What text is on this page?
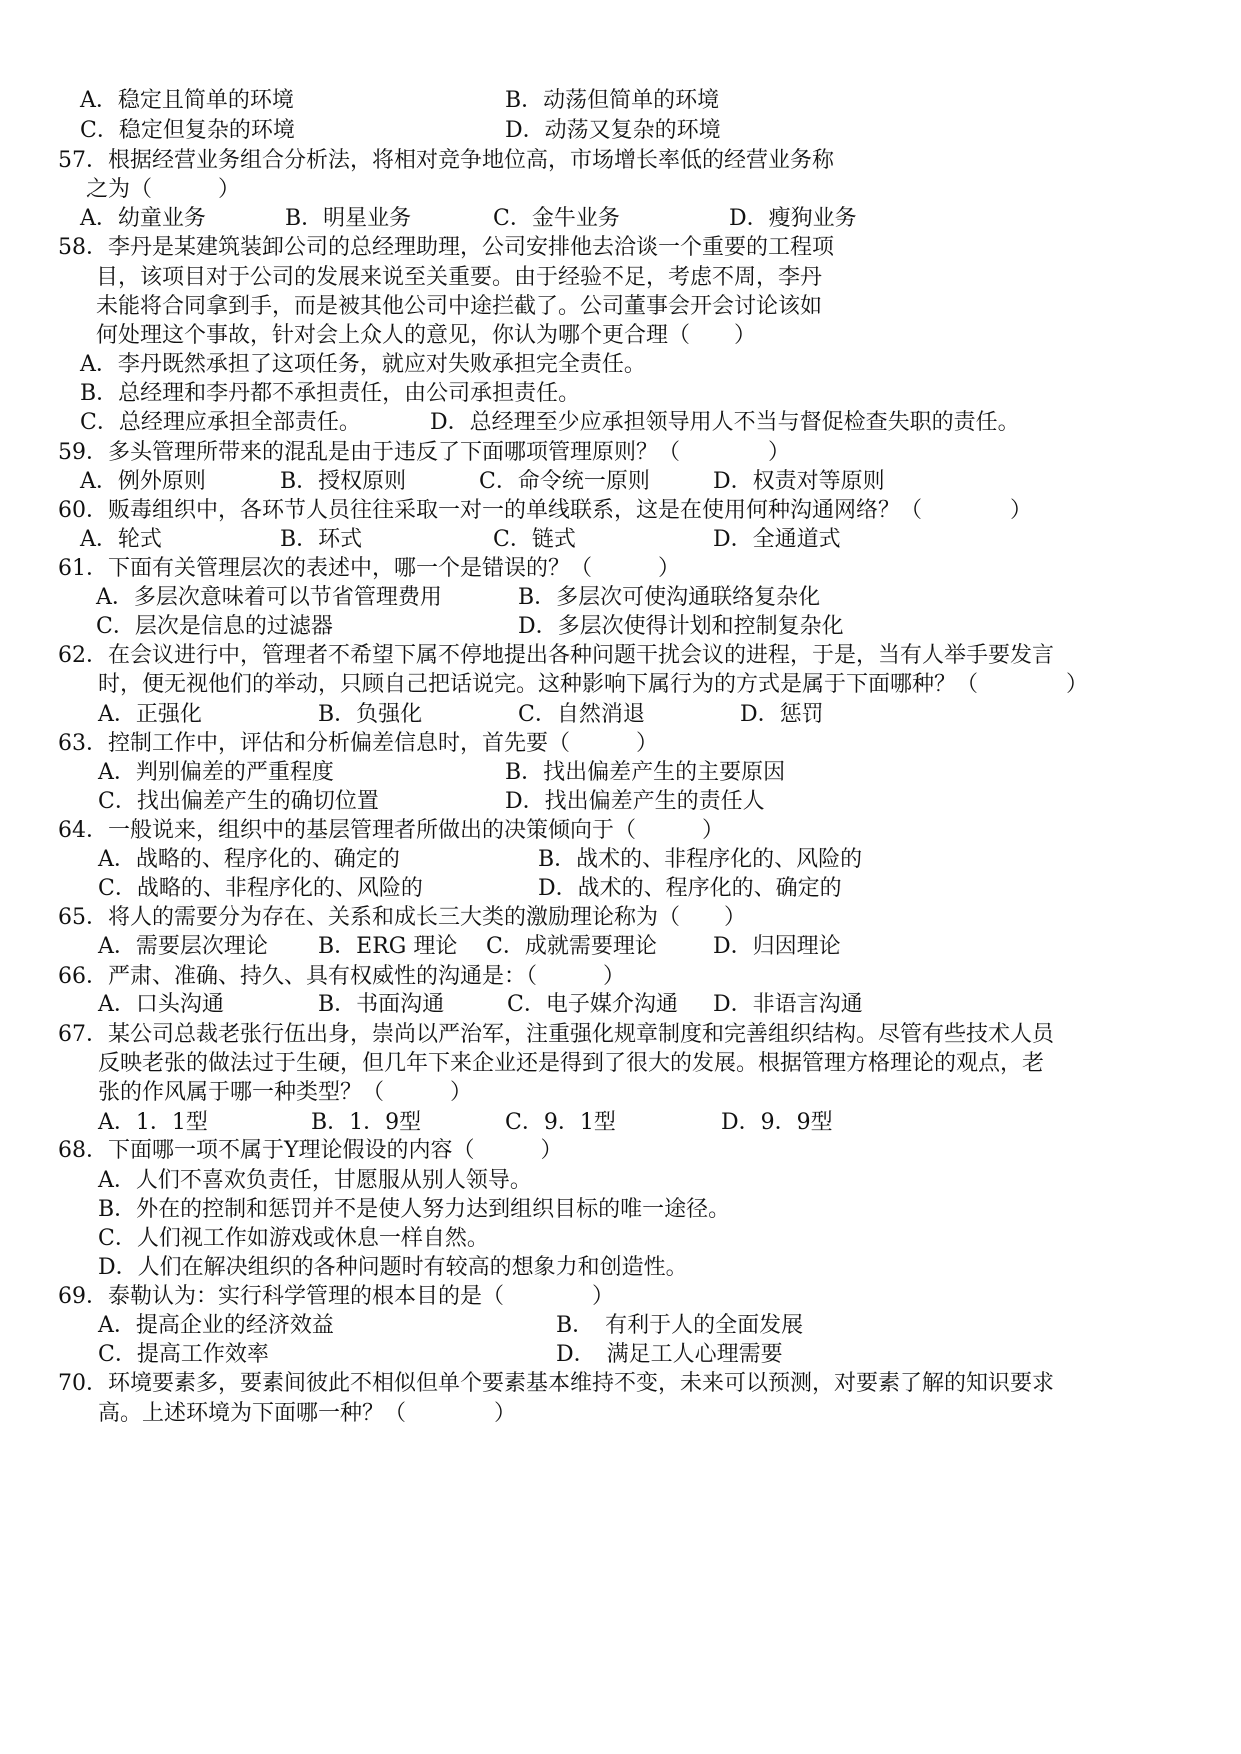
A．稳定且简单的环境	B．动荡但简单的环境
C．稳定但复杂的环境	D．动荡又复杂的环境
57．根据经营业务组合分析法，将相对竞争地位高，市场增长率低的经营业务称
之为（　　　）
A．幼童业务	B．明星业务	C．金牛业务	D．瘦狗业务
58．李丹是某建筑装卸公司的总经理助理，公司安排他去洽谈一个重要的工程项
目，该项目对于公司的发展来说至关重要。由于经验不足，考虑不周，李丹
未能将合同拿到手，而是被其他公司中途拦截了。公司董事会开会讨论该如
何处理这个事故，针对会上众人的意见，你认为哪个更合理（　　）
A．李丹既然承担了这项任务，就应对失败承担完全责任。
B．总经理和李丹都不承担责任，由公司承担责任。
C．总经理应承担全部责任。	D．总经理至少应承担领导用人不当与督促检查失职的责任。
59．多头管理所带来的混乱是由于违反了下面哪项管理原则？（　　　　）
A．例外原则	B．授权原则	C．命令统一原则	D．权责对等原则
60．贩毒组织中，各环节人员往往采取一对一的单线联系，这是在使用何种沟通网络？（　　　　）
A．轮式	B．环式	C．链式	D．全通道式
61．下面有关管理层次的表述中，哪一个是错误的？（　　　）
A．多层次意味着可以节省管理费用	B．多层次可使沟通联络复杂化
C．层次是信息的过滤器	D．多层次使得计划和控制复杂化
62．在会议进行中，管理者不希望下属不停地提出各种问题干扰会议的进程，于是，当有人举手要发言
时，便无视他们的举动，只顾自己把话说完。这种影响下属行为的方式是属于下面哪种？（　　　　）
A．正强化	B．负强化	C．自然消退	D．惩罚
63．控制工作中，评估和分析偏差信息时，首先要（　　　）
A．判别偏差的严重程度	B．找出偏差产生的主要原因
C．找出偏差产生的确切位置	D．找出偏差产生的责任人
64．一般说来，组织中的基层管理者所做出的决策倾向于（　　　）
A．战略的、程序化的、确定的	B．战术的、非程序化的、风险的
C．战略的、非程序化的、风险的	D．战术的、程序化的、确定的
65．将人的需要分为存在、关系和成长三大类的激励理论称为（　　）
A．需要层次理论 B．ERG 理论 C．成就需要理论	D．归因理论
66．严肃、准确、持久、具有权威性的沟通是：（　　　）
A．口头沟通	B．书面沟通	C．电子媒介沟通 D．非语言沟通
67．某公司总裁老张行伍出身，崇尚以严治军，注重强化规章制度和完善组织结构。尽管有些技术人员
反映老张的做法过于生硬，但几年下来企业还是得到了很大的发展。根据管理方格理论的观点，老
张的作风属于哪一种类型？（　　　）
A．1．1型	B．1．9型	C．9．1型	D．9．9型
68．下面哪一项不属于Y理论假设的内容（　　　）
A．人们不喜欢负责任，甘愿服从别人领导。
B．外在的控制和惩罚并不是使人努力达到组织目标的唯一途径。
C．人们视工作如游戏或休息一样自然。
D．人们在解决组织的各种问题时有较高的想象力和创造性。
69．泰勒认为：实行科学管理的根本目的是（　　　　）
A．提高企业的经济效益	B．　有利于人的全面发展
C．提高工作效率	D．　满足工人心理需要
70．环境要素多，要素间彼此不相似但单个要素基本维持不变，未来可以预测，对要素了解的知识要求
高。上述环境为下面哪一种？（　　　　）
